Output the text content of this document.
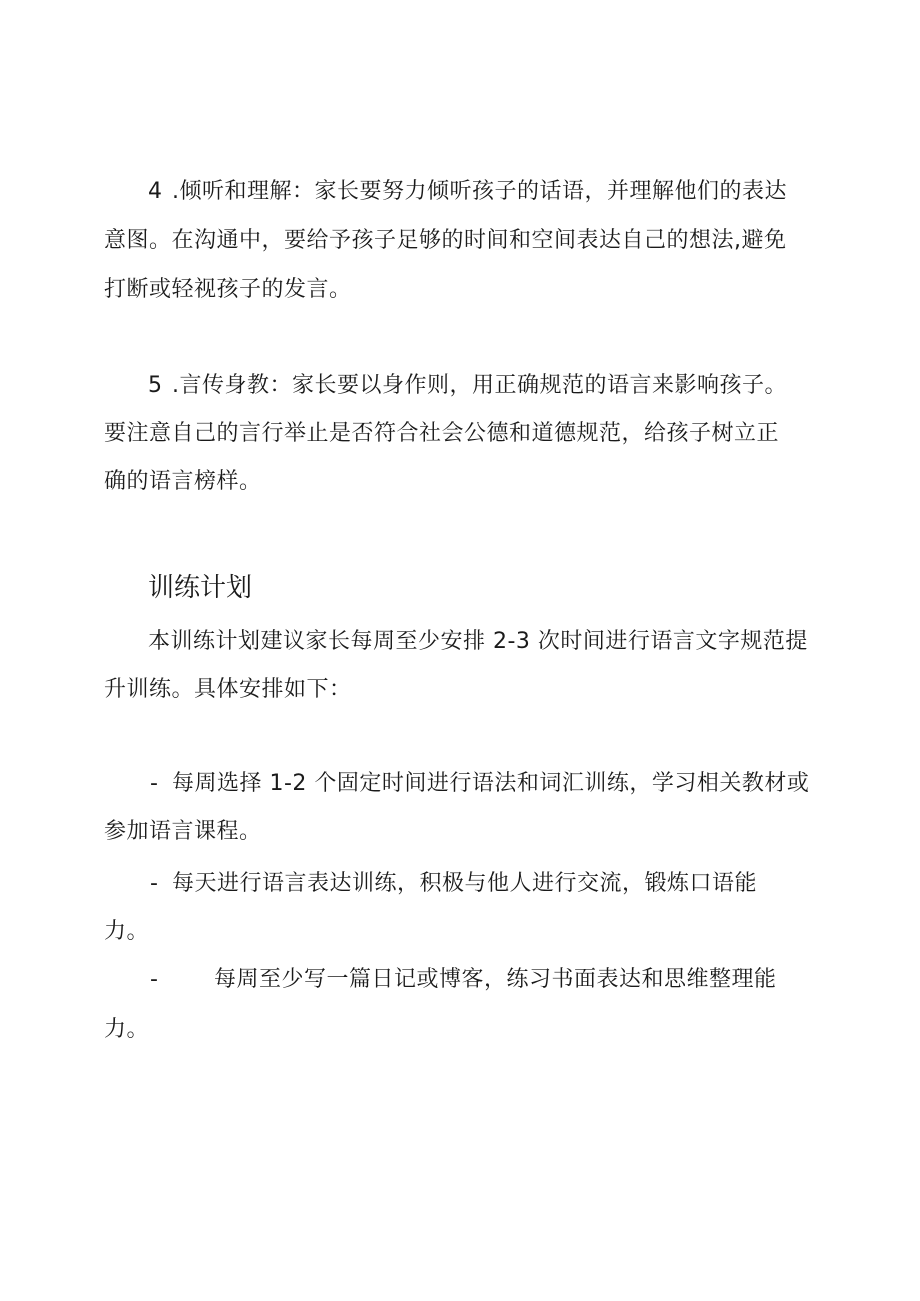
4 .倾听和理解：家长要努力倾听孩子的话语，并理解他们的表达
意图。在沟通中，要给予孩子足够的时间和空间表达自己的想法,避免
打断或轻视孩子的发言。
5 .言传身教：家长要以身作则，用正确规范的语言来影响孩子。
要注意自己的言行举止是否符合社会公德和道德规范，给孩子树立正
确的语言榜样。
训练计划
本训练计划建议家长每周至少安排 2-3 次时间进行语言文字规范提
升训练。具体安排如下：
- 每周选择 1-2 个固定时间进行语法和词汇训练，学习相关教材或
参加语言课程。
- 每天进行语言表达训练，积极与他人进行交流，锻炼口语能
力。
-	每周至少写一篇日记或博客，练习书面表达和思维整理能
力。
